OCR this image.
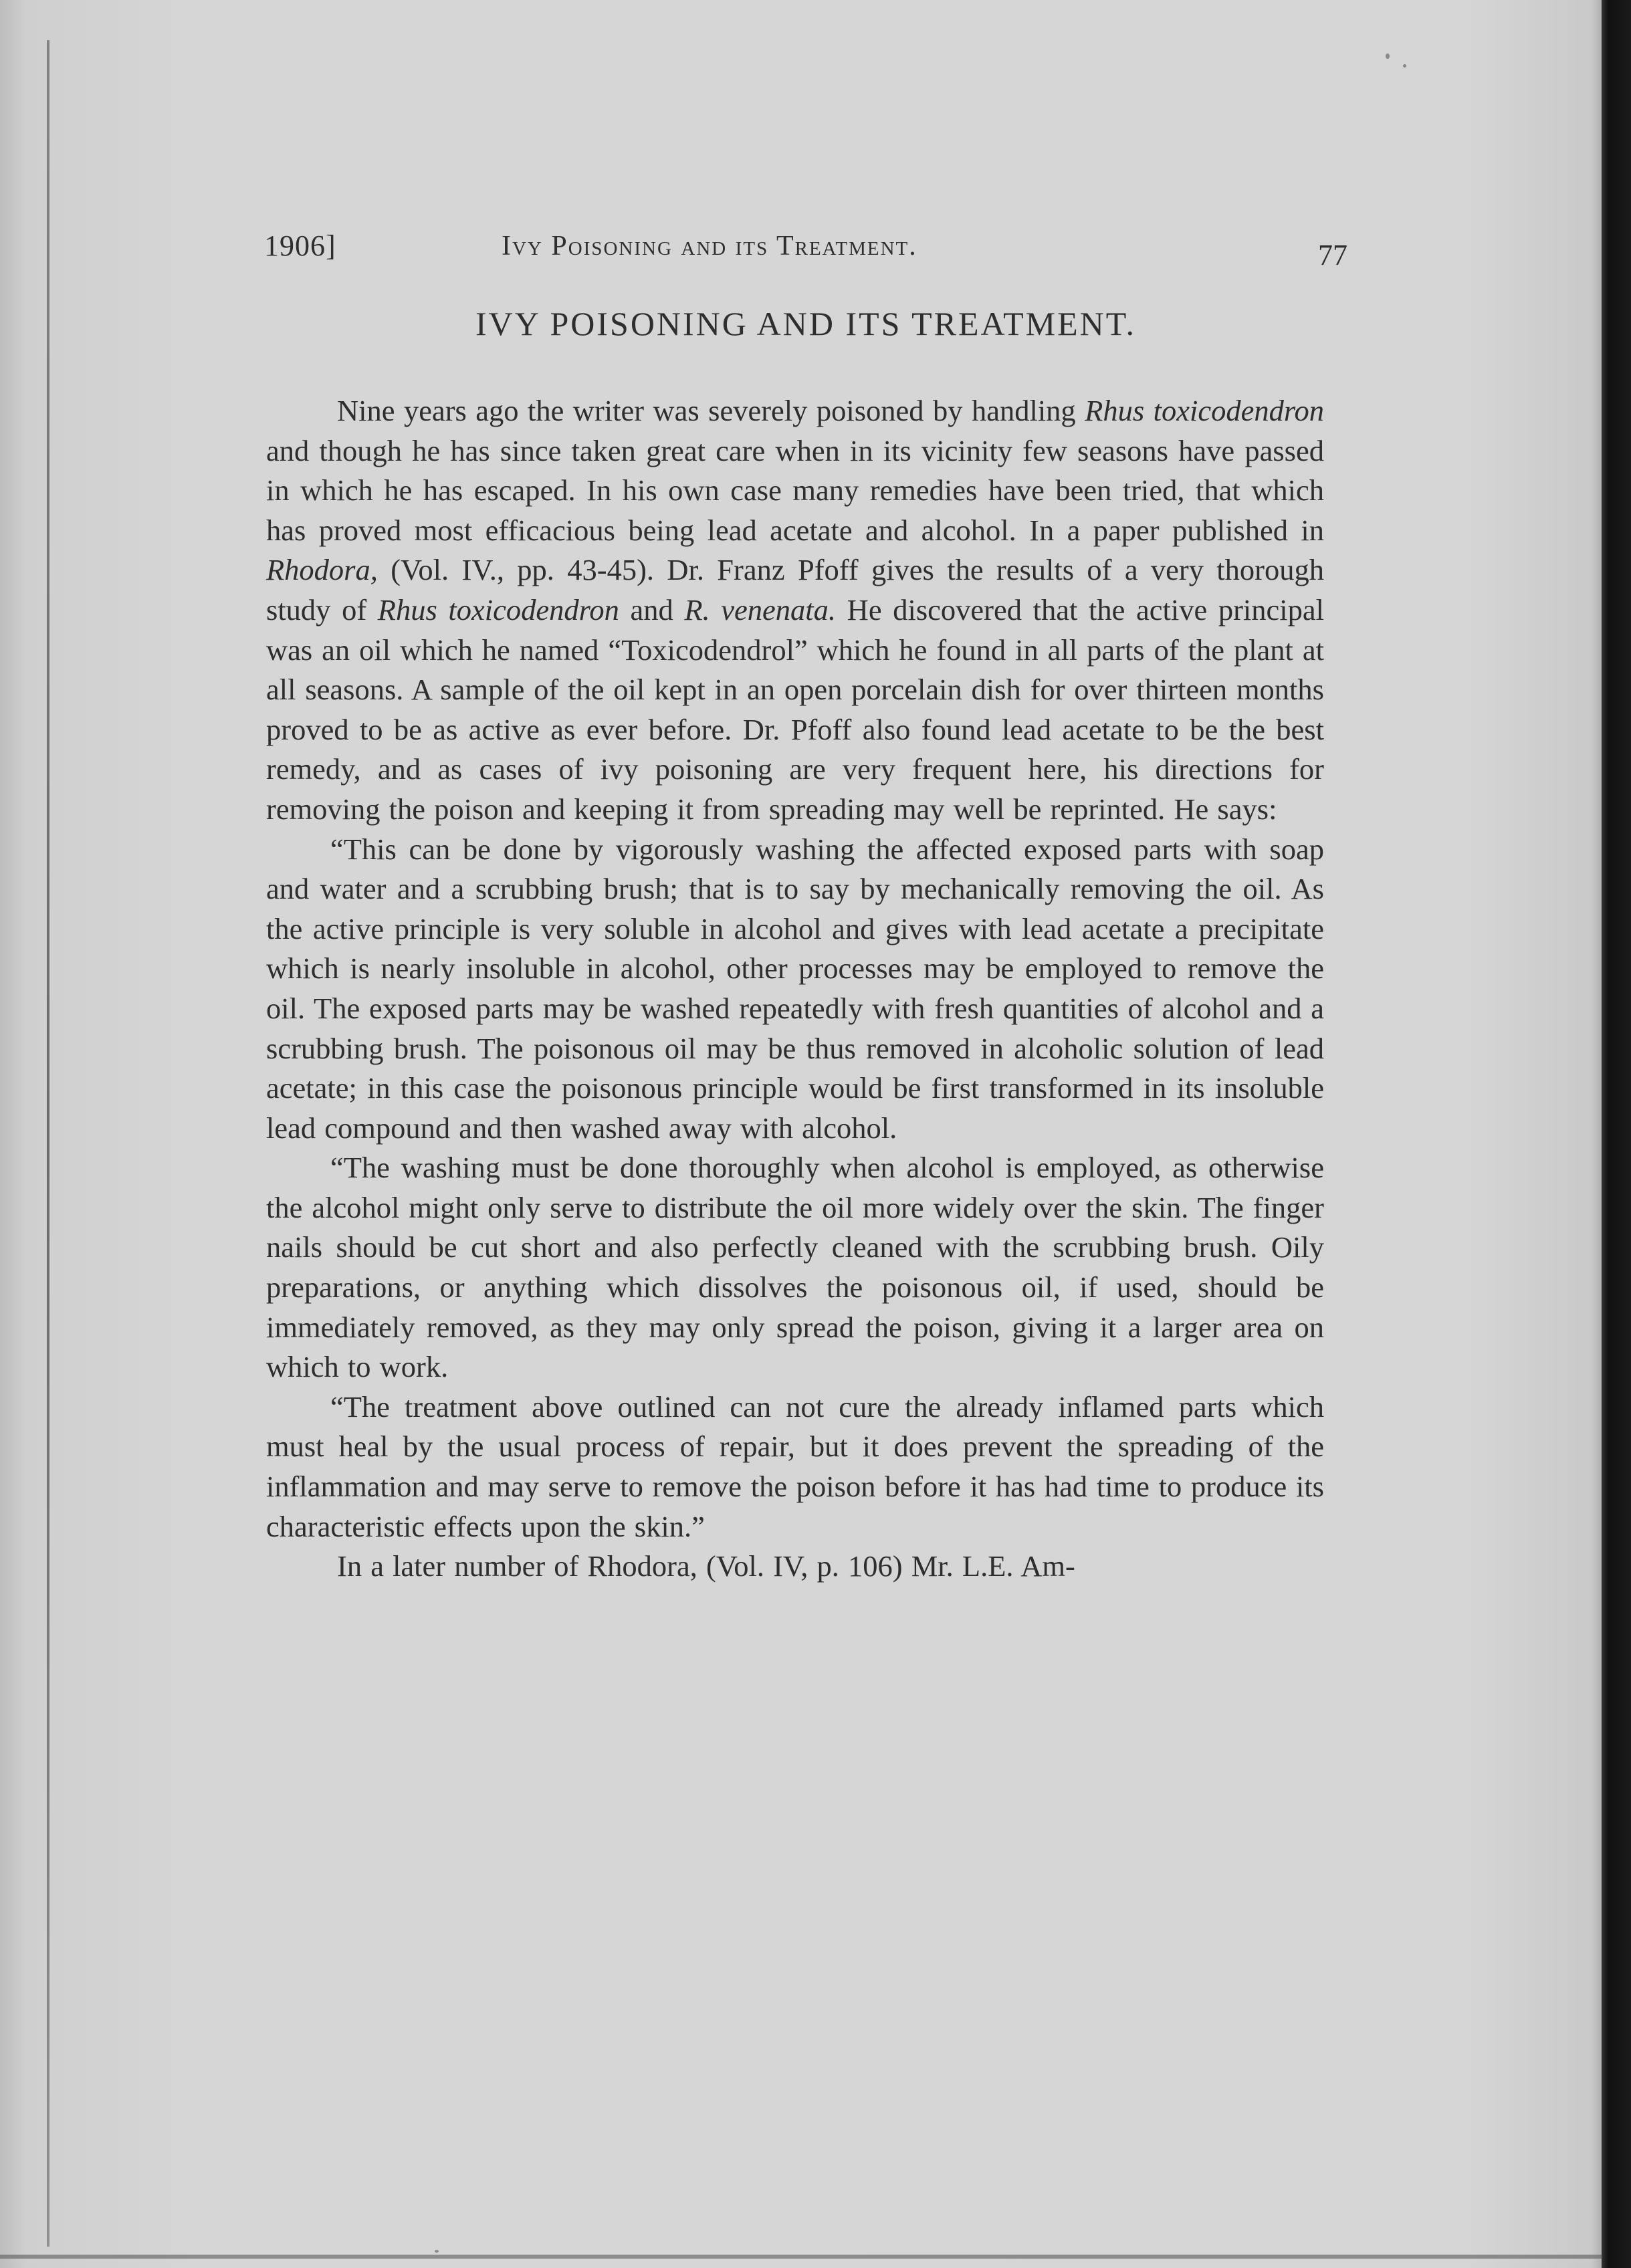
1906]	Ivy Poisoning and its Treatment.	77
IVY POISONING AND ITS TREATMENT.

Nine years ago the writer was severely poisoned by handling Rhus toxicodendron and though he has since taken great care when in its vicinity few seasons have passed in which he has escaped. In his own case many remedies have been tried, that which has proved most efficacious being lead acetate and alcohol. In a paper published in Rhodora, (Vol. IV., pp. 43-45). Dr. Franz Pfoff gives the results of a very thorough study of Rhus toxicodendron and R. venenata. He discovered that the active principal was an oil which he named “Toxicodendrol” which he found in all parts of the plant at all seasons. A sample of the oil kept in an open porcelain dish for over thirteen months proved to be as active as ever before. Dr. Pfoff also found lead acetate to be the best remedy, and as cases of ivy poisoning are very frequent here, his directions for removing the poison and keeping it from spreading may well be reprinted. He says:

“This can be done by vigorously washing the affected exposed parts with soap and water and a scrubbing brush; that is to say by mechanically removing the oil. As the active principle is very soluble in alcohol and gives with lead acetate a precipitate which is nearly insoluble in alcohol, other processes may be employed to remove the oil. The exposed parts may be washed repeatedly with fresh quantities of alcohol and a scrubbing brush. The poisonous oil may be thus removed in alcoholic solution of lead acetate; in this case the poisonous principle would be first transformed in its insoluble lead compound and then washed away with alcohol.

“The washing must be done thoroughly when alcohol is employed, as otherwise the alcohol might only serve to distribute the oil more widely over the skin. The finger nails should be cut short and also perfectly cleaned with the scrubbing brush. Oily preparations, or anything which dissolves the poisonous oil, if used, should be immediately removed, as they may only spread the poison, giving it a larger area on which to work.

“The treatment above outlined can not cure the already inflamed parts which must heal by the usual process of repair, but it does prevent the spreading of the inflammation and may serve to remove the poison before it has had time to produce its characteristic effects upon the skin.”

In a later number of Rhodora, (Vol. IV, p. 106) Mr. L.E. Am-
